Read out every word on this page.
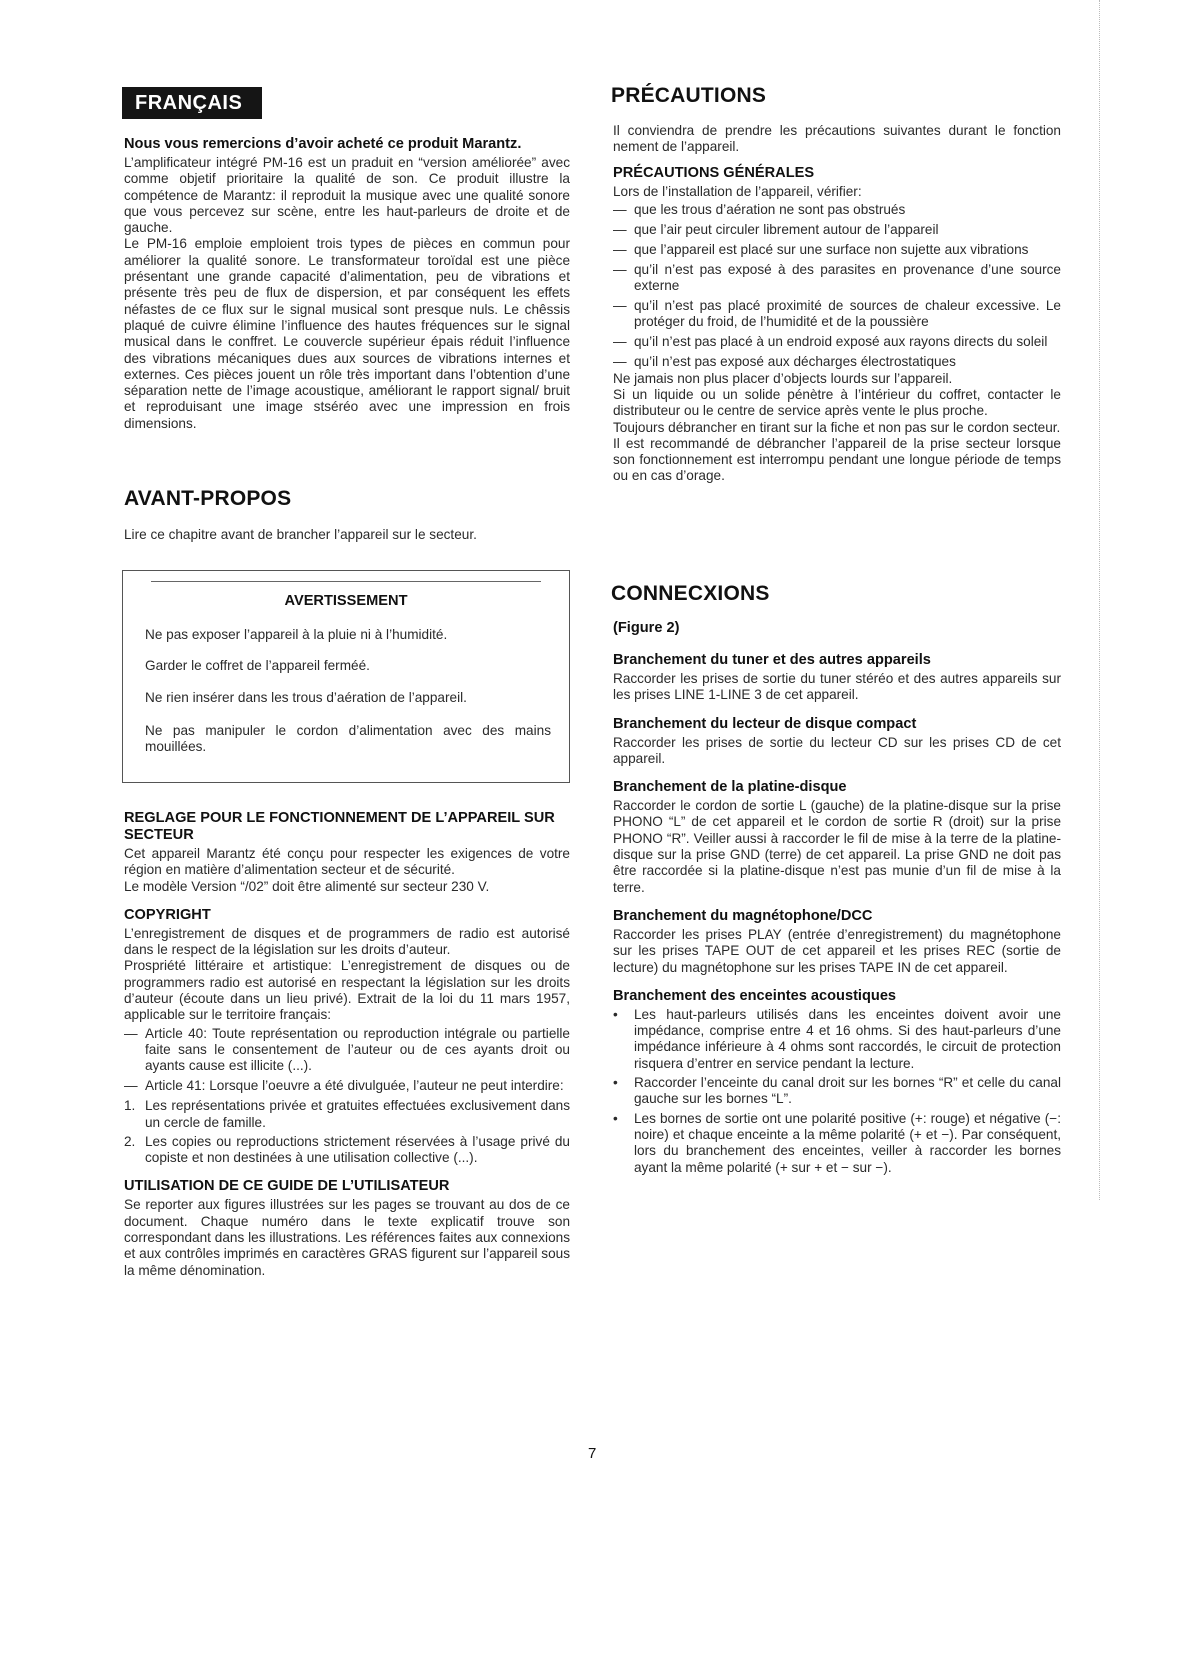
FRANÇAIS
Nous vous remercions d’avoir acheté ce produit Marantz.

L’amplificateur intégré PM-16 est un praduit en “version améliorée” avec comme objetif prioritaire la qualité de son. Ce produit illustre la compétence de Marantz: il reproduit la musique avec une qualité sonore que vous percevez sur scène, entre les haut-parleurs de droite et de gauche.

Le PM-16 emploie emploient trois types de pièces en commun pour améliorer la qualité sonore. Le transformateur toroïdal est une pièce présentant une grande capacité d’alimentation, peu de vibrations et présente très peu de flux de dispersion, et par conséquent les effets néfastes de ce flux sur le signal musical sont presque nuls. Le chêssis plaqué de cuivre élimine l’influence des hautes fréquences sur le signal musical dans le conffret. Le couvercle supérieur épais réduit l’influence des vibrations mécaniques dues aux sources de vibrations internes et externes. Ces pièces jouent un rôle très important dans l’obtention d’une séparation nette de l’image acoustique, améliorant le rapport signal/ bruit et reproduisant une image stséréo avec une impression en frois dimensions.

AVANT-PROPOS

Lire ce chapitre avant de brancher l’appareil sur le secteur.

AVERTISSEMENT

Ne pas exposer l’appareil à la pluie ni à l’humidité.

Garder le coffret de l’appareil ferméé.

Ne rien insérer dans les trous d’aération de l’appareil.

Ne pas manipuler le cordon d’alimentation avec des mains mouillées.

REGLAGE POUR LE FONCTIONNEMENT DE L’APPAREIL SUR SECTEUR

Cet appareil Marantz été conçu pour respecter les exigences de votre région en matière d’alimentation secteur et de sécurité.

Le modèle Version “/02” doit être alimenté sur secteur 230 V.

COPYRIGHT

L’enregistrement de disques et de programmers de radio est autorisé dans le respect de la législation sur les droits d’auteur.

Prospriété littéraire et artistique: L’enregistrement de disques ou de programmers radio est autorisé en respectant la législation sur les droits d’auteur (écoute dans un lieu privé). Extrait de la loi du 11 mars 1957, applicable sur le territoire français:

— Article 40: Toute représentation ou reproduction intégrale ou partielle faite sans le consentement de l’auteur ou de ces ayants droit ou ayants cause est illicite (...).
— Article 41: Lorsque l’oeuvre a été divulguée, l’auteur ne peut interdire:
1. Les représentations privée et gratuites effectuées exclusivement dans un cercle de famille.
2. Les copies ou reproductions strictement réservées à l’usage privé du copiste et non destinées à une utilisation collective (...).
UTILISATION DE CE GUIDE DE L’UTILISATEUR

Se reporter aux figures illustrées sur les pages se trouvant au dos de ce document. Chaque numéro dans le texte explicatif trouve son correspondant dans les illustrations. Les références faites aux connexions et aux contrôles imprimés en caractères GRAS figurent sur l’appareil sous la même dénomination.

PRÉCAUTIONS

Il conviendra de prendre les précautions suivantes durant le fonction nement de l’appareil.

PRÉCAUTIONS GÉNÉRALES

Lors de l’installation de l’appareil, vérifier:

— que les trous d’aération ne sont pas obstrués
— que l’air peut circuler librement autour de l’appareil
— que l’appareil est placé sur une surface non sujette aux vibrations
— qu’il n’est pas exposé à des parasites en provenance d’une source externe
— qu’il n’est pas placé proximité de sources de chaleur excessive. Le protéger du froid, de l’humidité et de la poussière
— qu’il n’est pas placé à un endroid exposé aux rayons directs du soleil
— qu’il n’est pas exposé aux décharges électrostatiques

Ne jamais non plus placer d’objects lourds sur l’appareil.

Si un liquide ou un solide pénètre à l’intérieur du coffret, contacter le distributeur ou le centre de service après vente le plus proche.

Toujours débrancher en tirant sur la fiche et non pas sur le cordon secteur.

Il est recommandé de débrancher l’appareil de la prise secteur lorsque son fonctionnement est interrompu pendant une longue période de temps ou en cas d’orage.

CONNECXIONS
(Figure 2)
Branchement du tuner et des autres appareils

Raccorder les prises de sortie du tuner stéréo et des autres appareils sur les prises LINE 1-LINE 3 de cet appareil.

Branchement du lecteur de disque compact

Raccorder les prises de sortie du lecteur CD sur les prises CD de cet appareil.

Branchement de la platine-disque

Raccorder le cordon de sortie L (gauche) de la platine-disque sur la prise PHONO “L” de cet appareil et le cordon de sortie R (droit) sur la prise PHONO “R”. Veiller aussi à raccorder le fil de mise à la terre de la platine-disque sur la prise GND (terre) de cet appareil. La prise GND ne doit pas être raccordée si la platine-disque n’est pas munie d’un fil de mise à la terre.

Branchement du magnétophone/DCC

Raccorder les prises PLAY (entrée d’enregistrement) du magnétophone sur les prises TAPE OUT de cet appareil et les prises REC (sortie de lecture) du magnétophone sur les prises TAPE IN de cet appareil.

Branchement des enceintes acoustiques
• Les haut-parleurs utilisés dans les enceintes doivent avoir une impédance, comprise entre 4 et 16 ohms. Si des haut-parleurs d’une impédance inférieure à 4 ohms sont raccordés, le circuit de protection risquera d’entrer en service pendant la lecture.
• Raccorder l’enceinte du canal droit sur les bornes “R” et celle du canal gauche sur les bornes “L”.
• Les bornes de sortie ont une polarité positive (+: rouge) et négative (−: noire) et chaque enceinte a la même polarité (+ et −). Par conséquent, lors du branchement des enceintes, veiller à raccorder les bornes ayant la même polarité (+ sur + et − sur −).
7
